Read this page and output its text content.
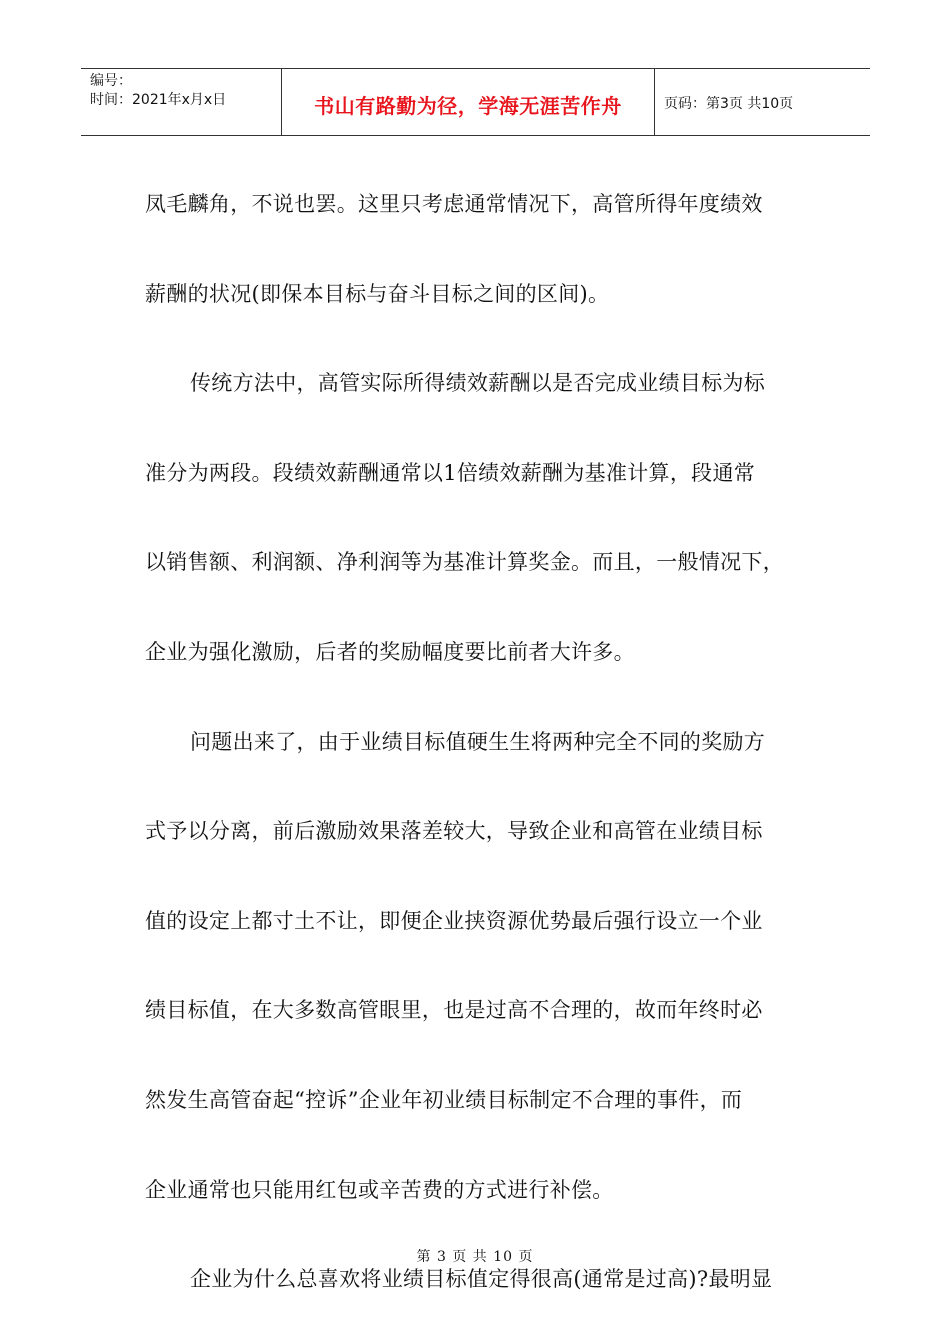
编号：
时间：2021年x月x日	书山有路勤为径，学海无涯苦作舟	页码：第3页 共10页
凤毛麟角，不说也罢。这里只考虑通常情况下，高管所得年度绩效
薪酬的状况(即保本目标与奋斗目标之间的区间)。
传统方法中，高管实际所得绩效薪酬以是否完成业绩目标为标
准分为两段。段绩效薪酬通常以1倍绩效薪酬为基准计算，段通常
以销售额、利润额、净利润等为基准计算奖金。而且，一般情况下，
企业为强化激励，后者的奖励幅度要比前者大许多。
问题出来了，由于业绩目标值硬生生将两种完全不同的奖励方
式予以分离，前后激励效果落差较大，导致企业和高管在业绩目标
值的设定上都寸土不让，即便企业挟资源优势最后强行设立一个业
绩目标值，在大多数高管眼里，也是过高不合理的，故而年终时必
然发生高管奋起“控诉”企业年初业绩目标制定不合理的事件，而
企业通常也只能用红包或辛苦费的方式进行补偿。
企业为什么总喜欢将业绩目标值定得很高(通常是过高)?最明显
第 3 页 共 10 页
